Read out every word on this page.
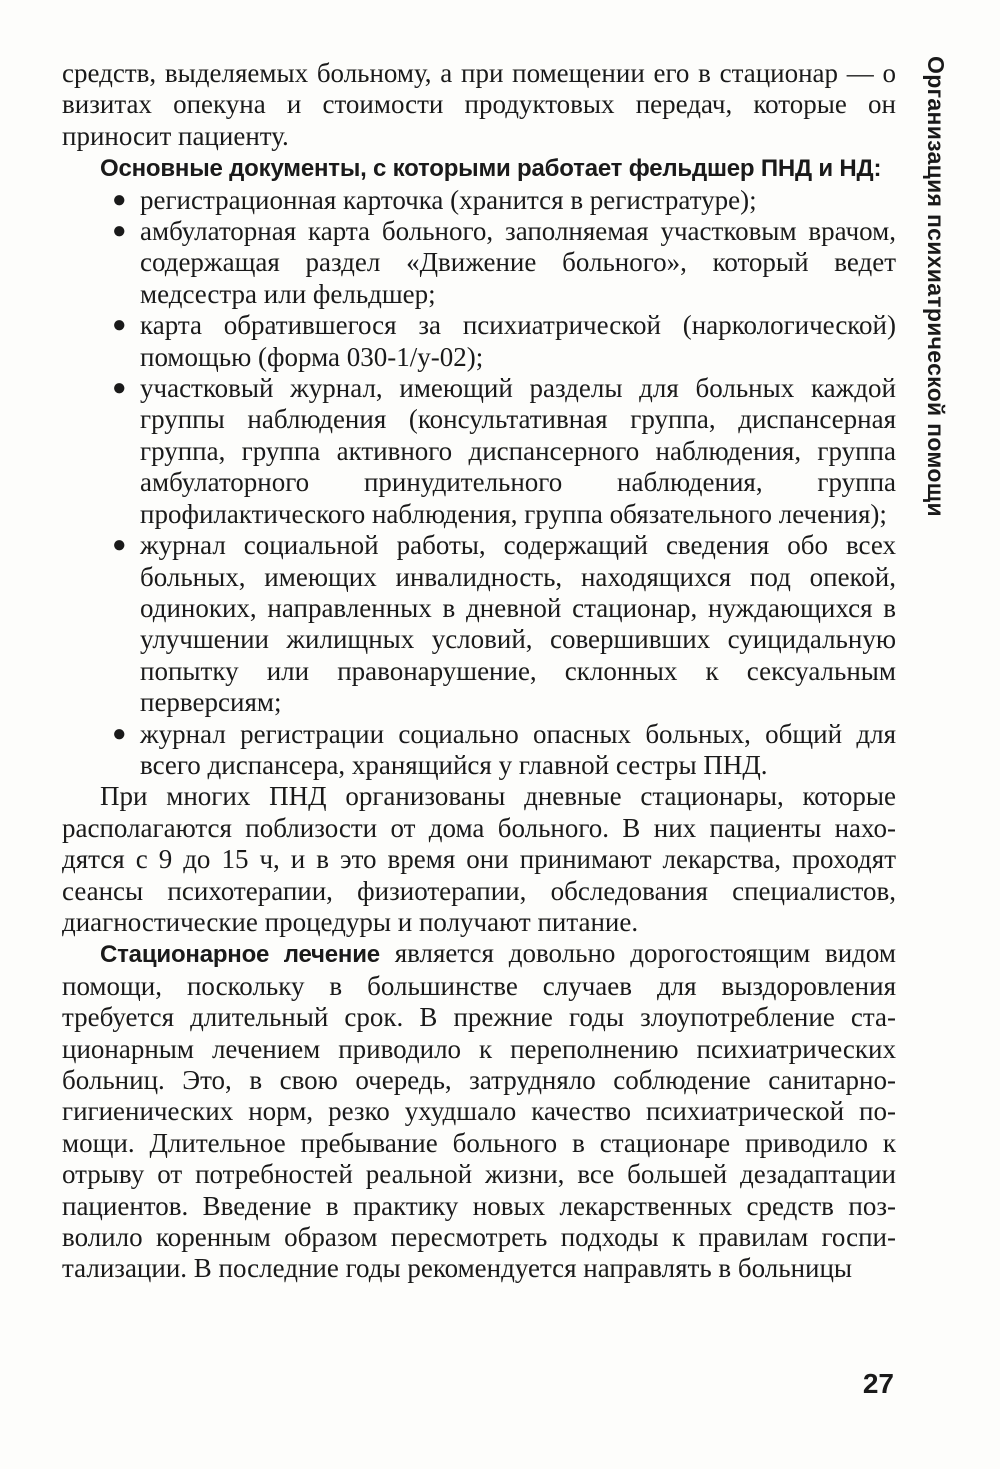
Организация психиатрической помощи

средств, выделяемых больному, а при помещении его в стационар — о визитах опекуна и стоимости продуктовых передач, которые он приносит пациенту.

Основные документы, с которыми работает фельдшер ПНД и НД:

● регистрационная карточка (хранится в регистратуре);
● амбулаторная карта больного, заполняемая участковым врачом, содержащая раздел «Движение больного», который ведет медсестра или фельдшер;
● карта обратившегося за психиатрической (наркологической) помощью (форма 030-1/у-02);
● участковый журнал, имеющий разделы для больных каждой группы наблюдения (консультативная группа, диспансерная группа, группа активного диспансерного наблюдения, группа амбулаторного принудительного наблюдения, группа профилактического наблюдения, группа обязательного лечения);
● журнал социальной работы, содержащий сведения обо всех больных, имеющих инвалидность, находящихся под опекой, одиноких, направленных в дневной стационар, нуждающихся в улучшении жилищных условий, совершивших суицидальную попытку или правонарушение, склонных к сексуальным перверсиям;
● журнал регистрации социально опасных больных, общий для всего диспансера, хранящийся у главной сестры ПНД.

При многих ПНД организованы дневные стационары, которые располагаются поблизости от дома больного. В них пациенты находятся с 9 до 15 ч, и в это время они принимают лекарства, проходят сеансы психотерапии, физиотерапии, обследования специалистов, диагностические процедуры и получают питание.

Стационарное лечение является довольно дорогостоящим видом помощи, поскольку в большинстве случаев для выздоровления требуется длительный срок. В прежние годы злоупотребление стационарным лечением приводило к переполнению психиатрических больниц. Это, в свою очередь, затрудняло соблюдение санитарно-гигиенических норм, резко ухудшало качество психиатрической помощи. Длительное пребывание больного в стационаре приводило к отрыву от потребностей реальной жизни, все большей дезадаптации пациентов. Введение в практику новых лекарственных средств позволило коренным образом пересмотреть подходы к правилам госпитализации. В последние годы рекомендуется направлять в больницы

27
